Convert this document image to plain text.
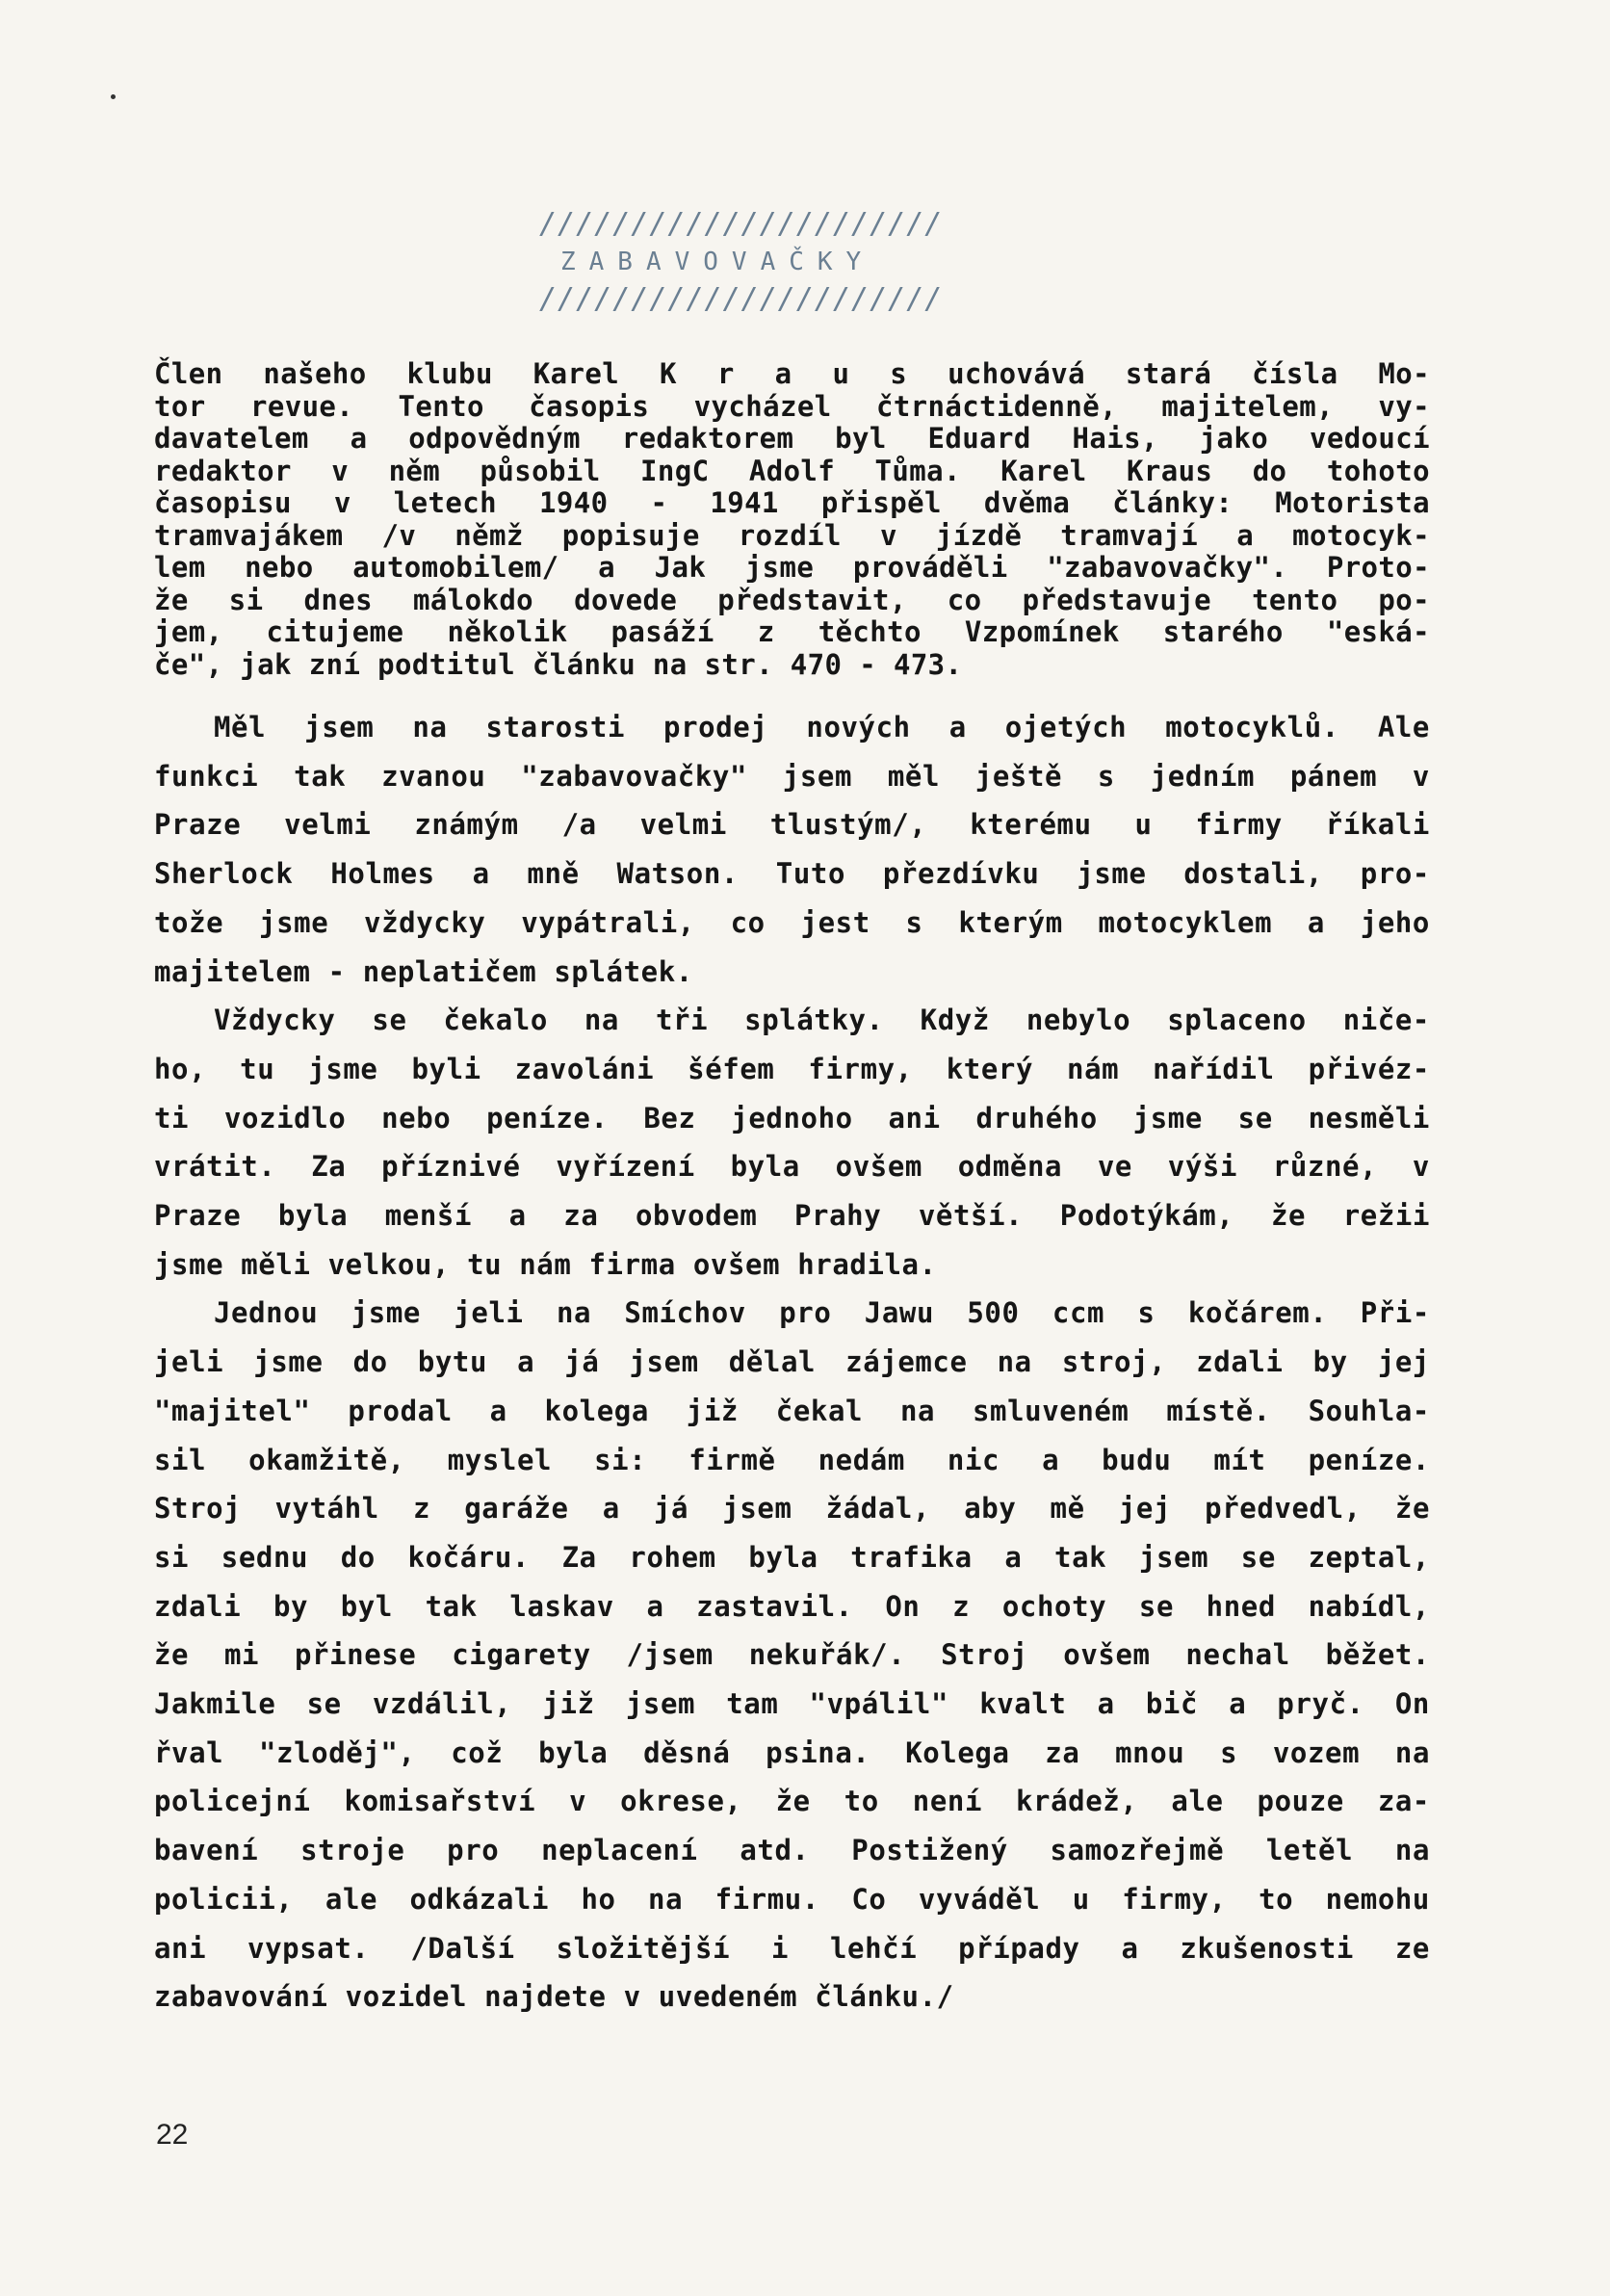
//////////////////////
ZABAVOVAČKY
//////////////////////
Člen našeho klubu Karel K r a u s uchovává stará čísla Mo-
tor revue. Tento časopis vycházel čtrnáctidenně, majitelem, vy-
davatelem a odpovědným redaktorem byl Eduard Hais, jako vedoucí
redaktor v něm působil IngC Adolf Tůma. Karel Kraus do tohoto
časopisu v letech 1940 - 1941 přispěl dvěma články: Motorista
tramvajákеm /v němž popisuje rozdíl v jízdě tramvají a motocyk-
lem nebo automobilem/ a Jak jsme prováděli "zabavovačky". Proto-
že si dnes málokdo dovede představit, co představuje tento po-
jem, citujeme několik pasáží z těchto Vzpomínek starého "eská-
če", jak zní podtitul článku na str. 470 - 473.
Měl jsem na starosti prodej nových a ojetých motocyklů. Ale
funkci tak zvanou "zabavovačky" jsem měl ještě s jedním pánem v
Praze velmi známým /a velmi tlustým/, kterému u firmy říkali
Sherlock Holmes a mně Watson. Tuto přezdívku jsme dostali, pro-
tože jsme vždycky vypátrali, co jest s kterým motocyklem a jeho
majitelem - neplatičem splátek.
Vždycky se čekalo na tři splátky. Když nebylo splaceno niče-
ho, tu jsme byli zavoláni šéfem firmy, který nám nařídil přivéz-
ti vozidlo nebo peníze. Bez jednoho ani druhého jsme se nesměli
vrátit. Za příznivé vyřízení byla ovšem odměna ve výši různé, v
Praze byla menší a za obvodem Prahy větší. Podotýkám, že režii
jsme měli velkou, tu nám firma ovšem hradila.
Jednou jsme jeli na Smíchov pro Jawu 500 ccm s kočárem. Při-
jeli jsme do bytu a já jsem dělal zájemce na stroj, zdali by jej
"majitel" prodal a kolega již čekal na smluveném místě. Souhla-
sil okamžitě, myslel si: firmě nedám nic a budu mít peníze.
Stroj vytáhl z garáže a já jsem žádal, aby mě jej předvedl, že
si sednu do kočáru. Za rohem byla trafika a tak jsem se zeptal,
zdali by byl tak laskav a zastavil. On z ochoty se hned nabídl,
že mi přinese cigarety /jsem nekuřák/. Stroj ovšem nechal běžet.
Jakmile se vzdálil, již jsem tam "vpálil" kvalt a bič a pryč. On
řval "zloděj", což byla děsná psina. Kolega za mnou s vozem na
policejní komisařství v okrese, že to není krádež, ale pouze za-
bavení stroje pro neplacení atd. Postižený samozřejmě letěl na
policii, ale odkázali ho na firmu. Co vyváděl u firmy, to nemohu
ani vypsat. /Další složitější i lehčí případy a zkušenosti ze
zabavování vozidel najdete v uvedeném článku./
22
